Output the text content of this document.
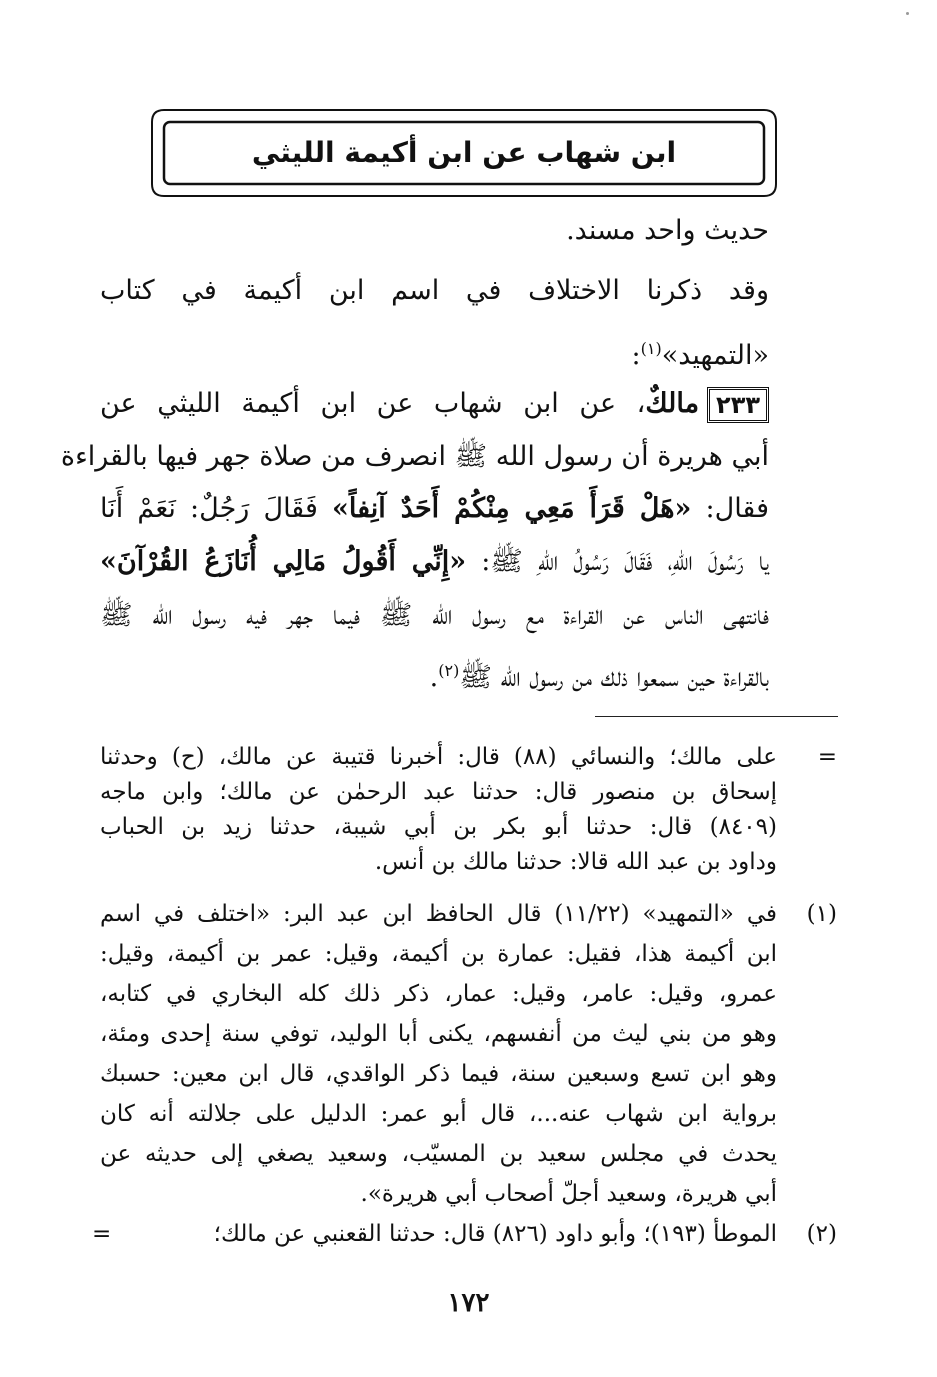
ابن شهاب عن ابن أكيمة الليثي
حديث واحد مسند.
وقد ذكرنا الاختلاف في اسم ابن أكيمة في كتاب
«التمهيد»$^{(١)}$:
٢٣٣مالكٌ، عن ابن شهاب عن ابن أكيمة الليثي عن
أبي هريرة أن رسول الله ﷺ انصرف من صلاة جهر فيها بالقراءة
فقال: «هَلْ قَرَأَ مَعِي مِنْكُمْ أَحَدٌ آنِفاً» فَقَالَ رَجُلٌ: نَعَمْ أَنَا
يا رَسُولَ اللهِ، فَقَالَ رَسُولُ اللهِ ﷺ: «إِنِّي أَقُولُ مَالِي أُنَازَعُ القُرْآنَ»
فانتهى الناس عن القراءة مع رسول الله ﷺ فيما جهر فيه رسول الله ﷺ
بالقراءة حين سمعوا ذلك من رسول الله ﷺ$^{(٢)}$.
=
على مالك؛ والنسائي (٨٨) قال: أخبرنا قتيبة عن مالك، (ح) وحدثنا
إسحاق بن منصور قال: حدثنا عبد الرحمٰن عن مالك؛ وابن ماجه
(٨٤٠٩) قال: حدثنا أبو بكر بن أبي شيبة، حدثنا زيد بن الحباب
وداود بن عبد الله قالا: حدثنا مالك بن أنس.
(١)
في «التمهيد» (١١/٢٢) قال الحافظ ابن عبد البر: «اختلف في اسم
ابن أكيمة هذا، فقيل: عمارة بن أكيمة، وقيل: عمر بن أكيمة، وقيل:
عمرو، وقيل: عامر، وقيل: عمار، ذكر ذلك كله البخاري في كتابه،
وهو من بني ليث من أنفسهم، يكنى أبا الوليد، توفي سنة إحدى ومئة،
وهو ابن تسع وسبعين سنة، فيما ذكر الواقدي، قال ابن معين: حسبك
برواية ابن شهاب عنه...، قال أبو عمر: الدليل على جلالته أنه كان
يحدث في مجلس سعيد بن المسيّب، وسعيد يصغي إلى حديثه عن
أبي هريرة، وسعيد أجلّ أصحاب أبي هريرة».
(٢)
الموطأ (١٩٣)؛ وأبو داود (٨٢٦) قال: حدثنا القعنبي عن مالك؛
=
١٧٢
